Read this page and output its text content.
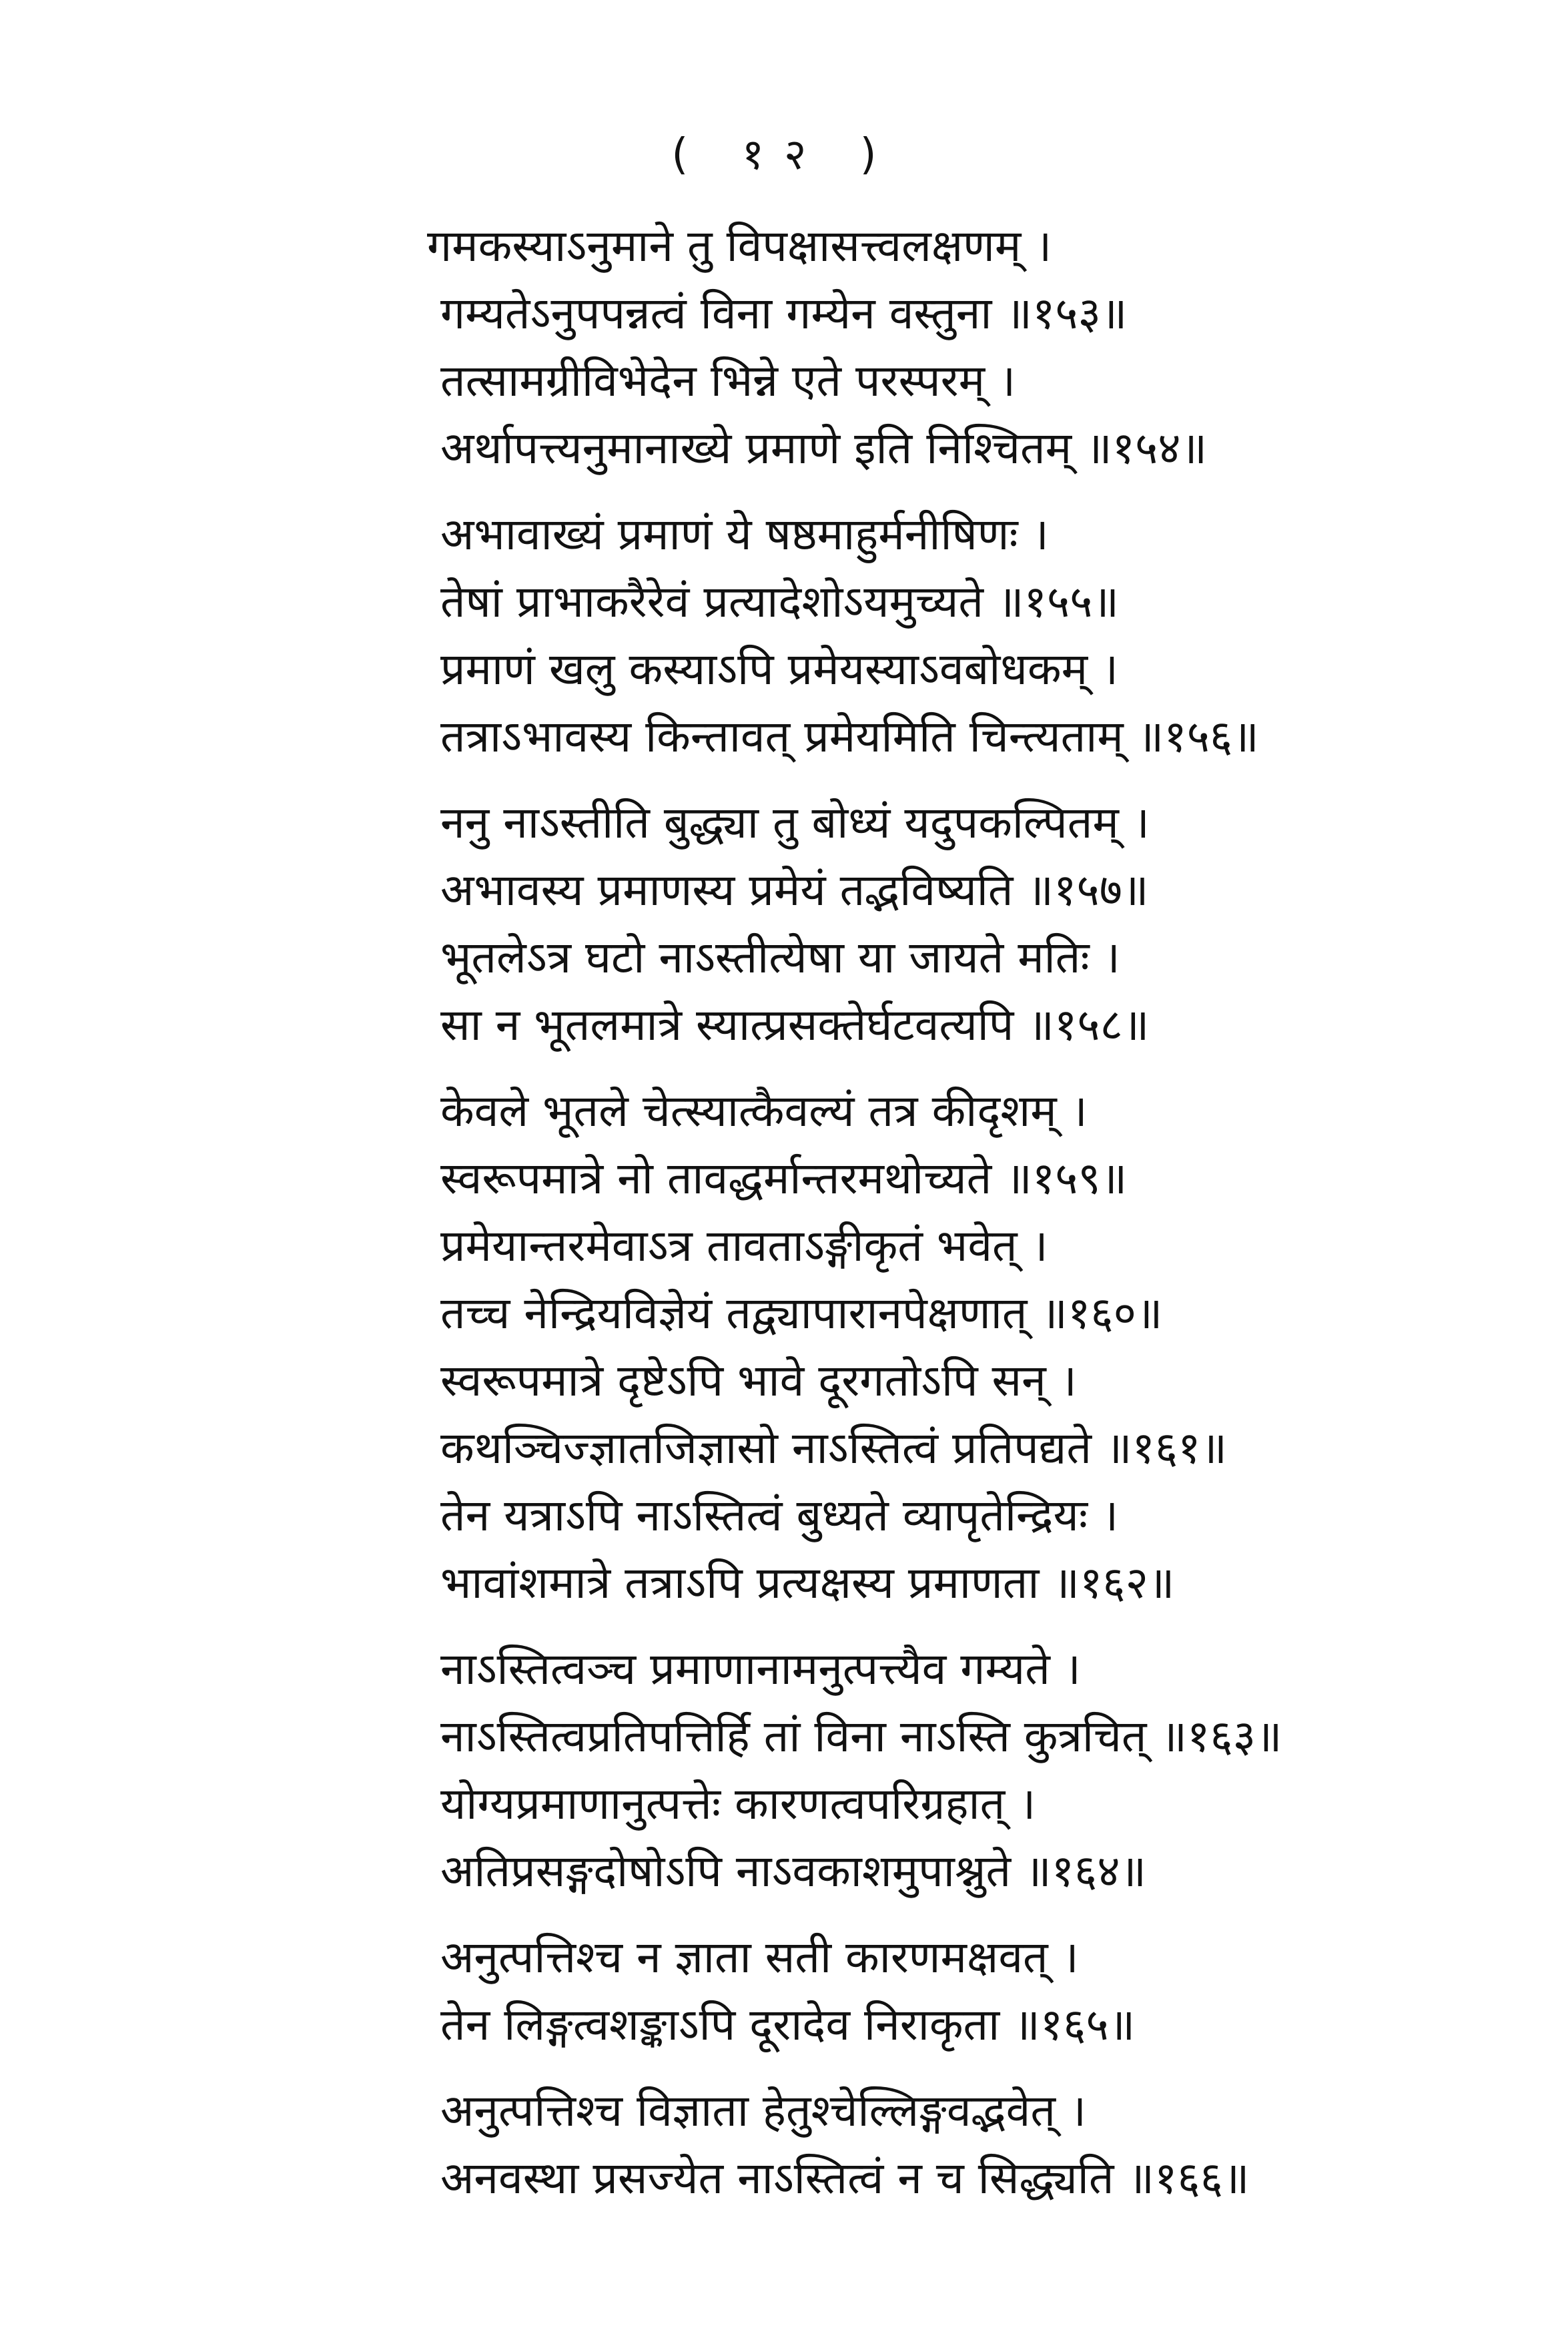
( १२ )
गमकस्याऽनुमाने तु विपक्षासत्त्वलक्षणम् ।
गम्यतेऽनुपपन्नत्वं विना गम्येन वस्तुना ॥१५३॥
तत्सामग्रीविभेदेन भिन्ने एते परस्परम् ।
अर्थापत्त्यनुमानाख्ये प्रमाणे इति निश्चितम् ॥१५४॥
अभावाख्यं प्रमाणं ये षष्ठमाहुर्मनीषिणः ।
तेषां प्राभाकरैरेवं प्रत्यादेशोऽयमुच्यते ॥१५५॥
प्रमाणं खलु कस्याऽपि प्रमेयस्याऽवबोधकम् ।
तत्राऽभावस्य किन्तावत् प्रमेयमिति चिन्त्यताम् ॥१५६॥
ननु नाऽस्तीति बुद्ध्या तु बोध्यं यदुपकल्पितम् ।
अभावस्य प्रमाणस्य प्रमेयं तद्भविष्यति ॥१५७॥
भूतलेऽत्र घटो नाऽस्तीत्येषा या जायते मतिः ।
सा न भूतलमात्रे स्यात्प्रसक्तेर्घटवत्यपि ॥१५८॥
केवले भूतले चेत्स्यात्कैवल्यं तत्र कीदृशम् ।
स्वरूपमात्रे नो तावद्धर्मान्तरमथोच्यते ॥१५९॥
प्रमेयान्तरमेवाऽत्र तावताऽङ्गीकृतं भवेत् ।
तच्च नेन्द्रियविज्ञेयं तद्व्यापारानपेक्षणात् ॥१६०॥
स्वरूपमात्रे दृष्टेऽपि भावे दूरगतोऽपि सन् ।
कथञ्चिज्ज्ञातजिज्ञासो नाऽस्तित्वं प्रतिपद्यते ॥१६१॥
तेन यत्राऽपि नाऽस्तित्वं बुध्यते व्यापृतेन्द्रियः ।
भावांशमात्रे तत्राऽपि प्रत्यक्षस्य प्रमाणता ॥१६२॥
नाऽस्तित्वञ्च प्रमाणानामनुत्पत्त्यैव गम्यते ।
नाऽस्तित्वप्रतिपत्तिर्हि तां विना नाऽस्ति कुत्रचित् ॥१६३॥
योग्यप्रमाणानुत्पत्तेः कारणत्वपरिग्रहात् ।
अतिप्रसङ्गदोषोऽपि नाऽवकाशमुपाश्नुते ॥१६४॥
अनुत्पत्तिश्च न ज्ञाता सती कारणमक्षवत् ।
तेन लिङ्गत्वशङ्काऽपि दूरादेव निराकृता ॥१६५॥
अनुत्पत्तिश्च विज्ञाता हेतुश्चेल्लिङ्गवद्भवेत् ।
अनवस्था प्रसज्येत नाऽस्तित्वं न च सिद्ध्यति ॥१६६॥
